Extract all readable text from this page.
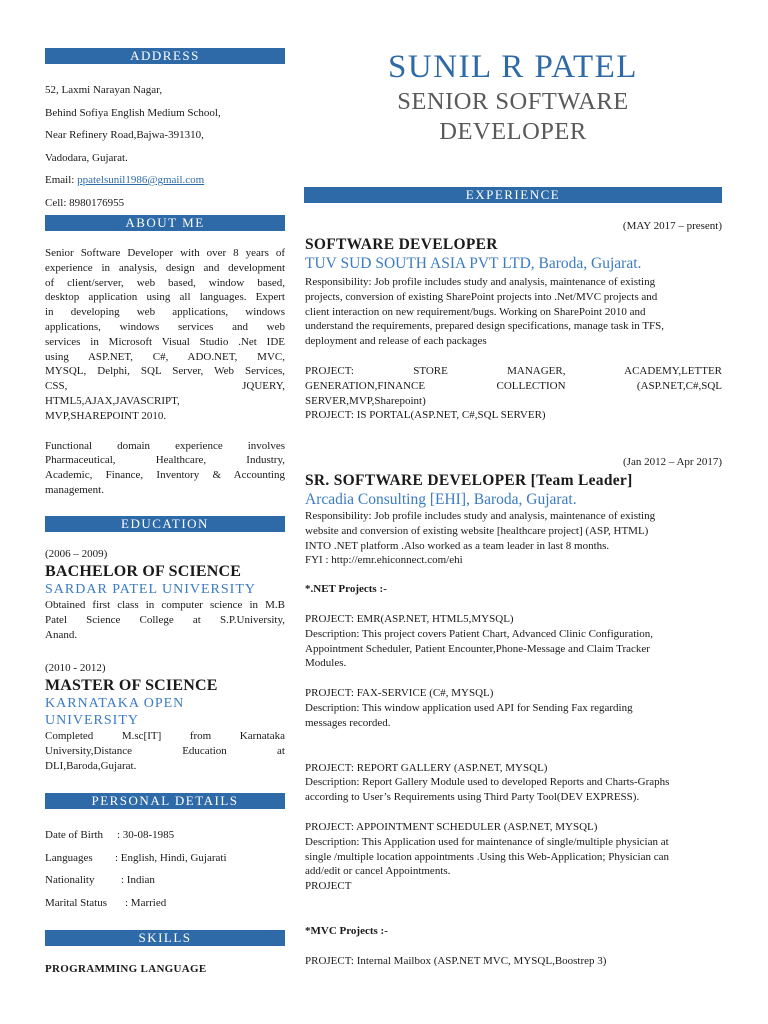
ADDRESS
52, Laxmi Narayan Nagar,
Behind Sofiya English Medium School,
Near Refinery Road,Bajwa-391310,
Vadodara, Gujarat.
Email: ppatelsunil1986@gmail.com
Cell: 8980176955
ABOUT ME
Senior Software Developer with over 8 years of
experience in analysis, design and development
of client/server, web based, window based,
desktop application using all languages. Expert
in developing web applications, windows
applications, windows services and web
services in Microsoft Visual Studio .Net IDE
using ASP.NET, C#, ADO.NET, MVC,
MYSQL, Delphi, SQL Server, Web Services,
CSS, JQUERY,
HTML5,AJAX,JAVASCRIPT,
MVP,SHAREPOINT 2010.
Functional domain experience involves
Pharmaceutical, Healthcare, Industry,
Academic, Finance, Inventory & Accounting
management.
EDUCATION
(2006 – 2009)
BACHELOR OF SCIENCE
SARDAR PATEL UNIVERSITY
Obtained first class in computer science in M.B
Patel Science College at S.P.University,
Anand.
(2010 - 2012)
MASTER OF SCIENCE
KARNATAKA OPEN
UNIVERSITY
Completed M.sc[IT] from Karnataka
University,Distance Education at
DLI,Baroda,Gujarat.
PERSONAL DETAILS
Date of Birth : 30-08-1985
Languages : English, Hindi, Gujarati
Nationality : Indian
Marital Status : Married
SKILLS
PROGRAMMING LANGUAGE
SUNIL R PATEL
SENIOR SOFTWARE
DEVELOPER
EXPERIENCE
(MAY 2017 – present)
SOFTWARE DEVELOPER
TUV SUD SOUTH ASIA PVT LTD, Baroda, Gujarat.
Responsibility: Job profile includes study and analysis, maintenance of existing
projects, conversion of existing SharePoint projects into .Net/MVC projects and
client interaction on new requirement/bugs. Working on SharePoint 2010 and
understand the requirements, prepared design specifications, manage task in TFS,
deployment and release of each packages
PROJECT: STORE MANAGER, ACADEMY,LETTER
GENERATION,FINANCE COLLECTION (ASP.NET,C#,SQL
SERVER,MVP,Sharepoint)
PROJECT: IS PORTAL(ASP.NET, C#,SQL SERVER)
(Jan 2012 – Apr 2017)
SR. SOFTWARE DEVELOPER [Team Leader]
Arcadia Consulting [EHI], Baroda, Gujarat.
Responsibility: Job profile includes study and analysis, maintenance of existing
website and conversion of existing website [healthcare project] (ASP, HTML)
INTO .NET platform .Also worked as a team leader in last 8 months.
FYI : http://emr.ehiconnect.com/ehi
*.NET Projects :-
PROJECT: EMR(ASP.NET, HTML5,MYSQL)
Description: This project covers Patient Chart, Advanced Clinic Configuration,
Appointment Scheduler, Patient Encounter,Phone-Message and Claim Tracker
Modules.
PROJECT: FAX-SERVICE (C#, MYSQL)
Description: This window application used API for Sending Fax regarding
messages recorded.
PROJECT: REPORT GALLERY (ASP.NET, MYSQL)
Description: Report Gallery Module used to developed Reports and Charts-Graphs
according to User’s Requirements using Third Party Tool(DEV EXPRESS).
PROJECT: APPOINTMENT SCHEDULER (ASP.NET, MYSQL)
Description: This Application used for maintenance of single/multiple physician at
single /multiple location appointments .Using this Web-Application; Physician can
add/edit or cancel Appointments.
PROJECT
*MVC Projects :-
PROJECT: Internal Mailbox (ASP.NET MVC, MYSQL,Boostrep 3)
